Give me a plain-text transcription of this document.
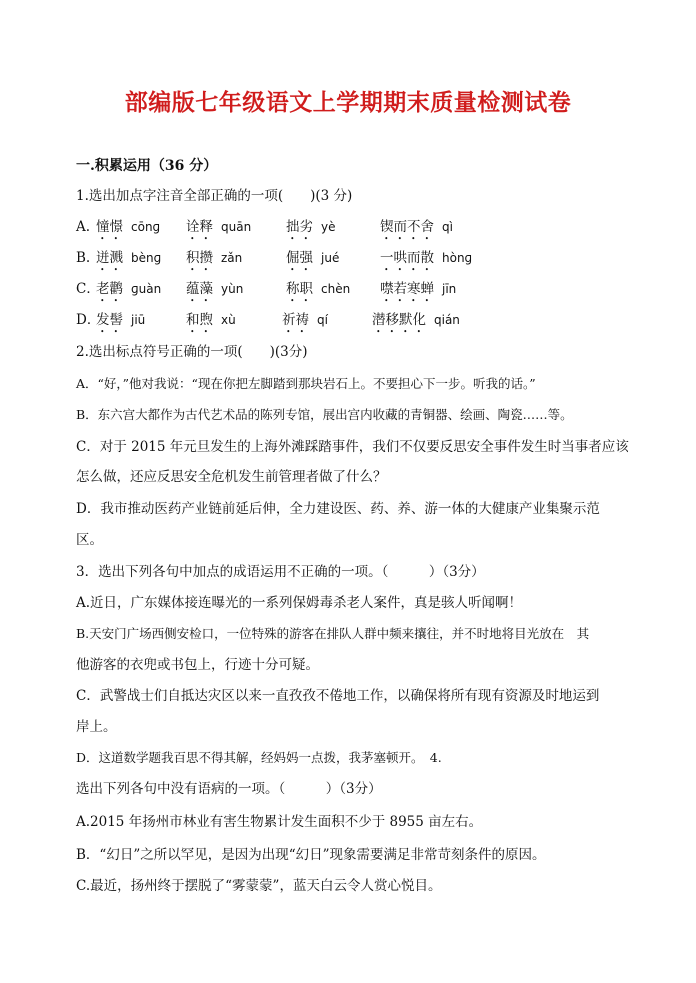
部编版七年级语文上学期期末质量检测试卷
一.积累运用（36 分）
1.选出加点字注音全部正确的一项(　　)(3 分)
A. 憧憬 cōnɡ 诠释 quān	拙劣 yè	锲而不舍 qì
B. 迸溅 bènɡ 积攒 zǎn	倔强 jué	一哄而散 hònɡ
C．
老鹳 ɡuàn 蕴藻 yùn	称职 chèn 噤若寒蝉 jīn
D．
发髻 jiū	和煦 xù	祈祷 qí	潜移默化 qián
2.选出标点符号正确的一项(　　)(3分)
A．“好，”他对我说：“现在你把左脚踏到那块岩石上。不要担心下一步。听我的话。”
B．东六宫大都作为古代艺术品的陈列专馆，展出宫内收藏的青铜器、绘画、陶瓷……等。
C．对于 2015 年元旦发生的上海外滩踩踏事件，我们不仅要反思安全事件发生时当事者应该
怎么做，还应反思安全危机发生前管理者做了什么？
D．我市推动医药产业链前延后伸，全力建设医、药、养、游一体的大健康产业集聚示范
区。
3．选出下列各句中加点的成语运用不正确的一项。（　　　）（3分）
A.近日，广东媒体接连曝光的一系列保姆毒杀老人案件，真是骇人听闻啊！
B.天安门广场西侧安检口，一位特殊的游客在排队人群中频来攘往，并不时地将目光放在　其
他游客的衣兜或书包上，行迹十分可疑。
C．武警战士们自抵达灾区以来一直孜孜不倦地工作，以确保将所有现有资源及时地运到
岸上。
D．这道数学题我百思不得其解，经妈妈一点拨，我茅塞顿开。　4.
选出下列各句中没有语病的一项。（　　　）（3分）
A.2015 年扬州市林业有害生物累计发生面积不少于 8955 亩左右。
B．“幻日”之所以罕见，是因为出现“幻日”现象需要满足非常苛刻条件的原因。
C.最近，扬州终于摆脱了“雾蒙蒙”，蓝天白云令人赏心悦目。
